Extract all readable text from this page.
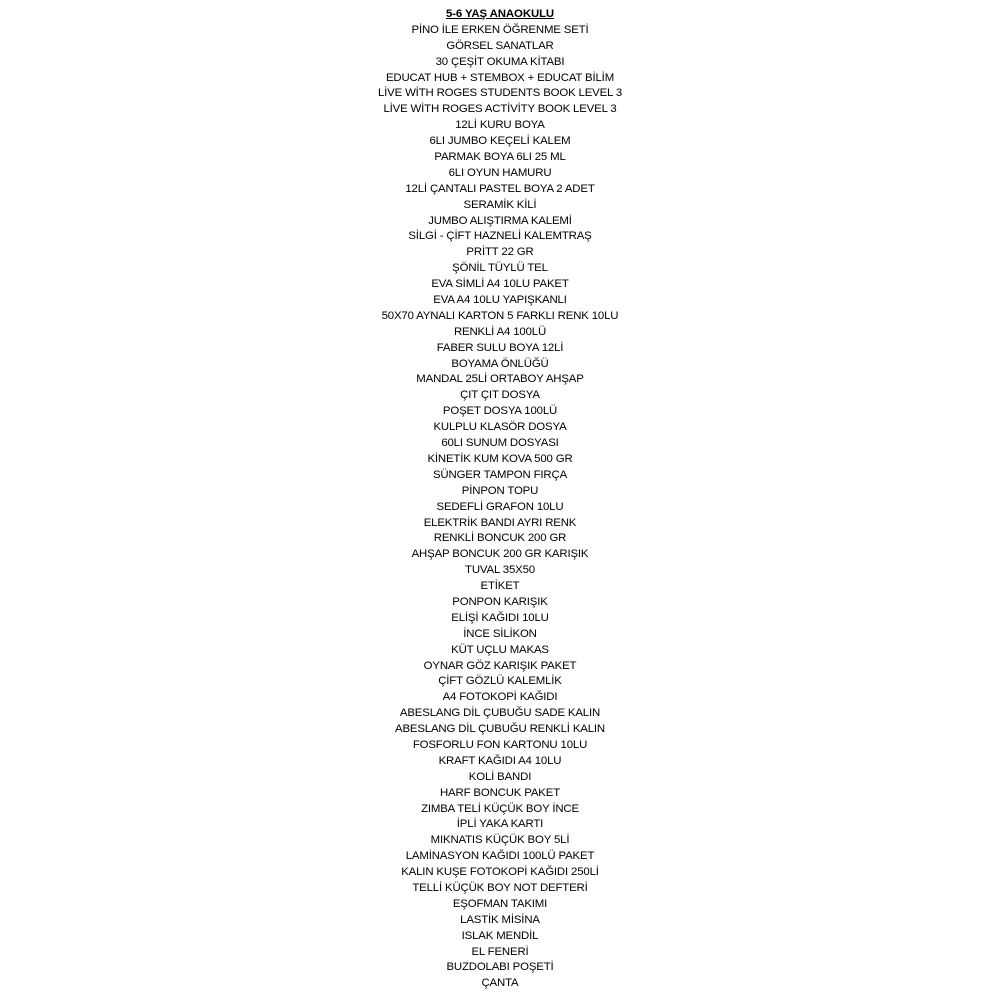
5-6 YAŞ ANAOKULU
PİNO İLE ERKEN ÖĞRENME SETİ
GÖRSEL SANATLAR
30 ÇEŞİT OKUMA KİTABI
EDUCAT HUB + STEMBOX + EDUCAT BİLİM
LİVE WİTH ROGES STUDENTS BOOK LEVEL 3
LİVE WİTH ROGES ACTİVİTY BOOK LEVEL 3
12Lİ KURU BOYA
6LI JUMBO KEÇELİ KALEM
PARMAK BOYA 6LI 25 ML
6LI OYUN HAMURU
12Lİ ÇANTALI PASTEL BOYA 2 ADET
SERAMİK KİLİ
JUMBO ALIŞTIRMA KALEMİ
SİLGİ - ÇİFT HAZNELİ KALEMTRAŞ
PRİTT 22 GR
ŞÖNİL TÜYLÜ TEL
EVA SİMLİ A4 10LU PAKET
EVA A4 10LU YAPIŞKANLI
50X70 AYNALI KARTON 5 FARKLI RENK 10LU
RENKLİ A4 100LÜ
FABER SULU BOYA 12Lİ
BOYAMA ÖNLÜĞÜ
MANDAL 25Lİ ORTABOY AHŞAP
ÇIT ÇIT DOSYA
POŞET DOSYA 100LÜ
KULPLU KLASÖR DOSYA
60LI SUNUM DOSYASI
KİNETİK KUM KOVA 500 GR
SÜNGER TAMPON FIRÇA
PİNPON TOPU
SEDEFLİ GRAFON 10LU
ELEKTRİK BANDI AYRI RENK
RENKLİ BONCUK 200 GR
AHŞAP BONCUK 200 GR KARIŞIK
TUVAL 35X50
ETİKET
PONPON KARIŞIK
ELİŞİ KAĞIDI 10LU
İNCE SİLİKON
KÜT UÇLU MAKAS
OYNAR GÖZ KARIŞIK PAKET
ÇİFT GÖZLÜ KALEMLİK
A4 FOTOKOPİ KAĞIDI
ABESLANG DİL ÇUBUĞU SADE KALIN
ABESLANG DİL ÇUBUĞU RENKLİ KALIN
FOSFORLU FON KARTONU 10LU
KRAFT KAĞIDI A4 10LU
KOLİ BANDI
HARF BONCUK PAKET
ZIMBA TELİ KÜÇÜK BOY İNCE
İPLİ YAKA KARTI
MIKNATIS KÜÇÜK BOY 5Lİ
LAMİNASYON KAĞIDI 100LÜ PAKET
KALIN KUŞE FOTOKOPİ KAĞIDI 250Lİ
TELLİ KÜÇÜK BOY NOT DEFTERİ
EŞOFMAN TAKIMI
LASTİK MİSİNA
ISLAK MENDİL
EL FENERİ
BUZDOLABI POŞETİ
ÇANTA
